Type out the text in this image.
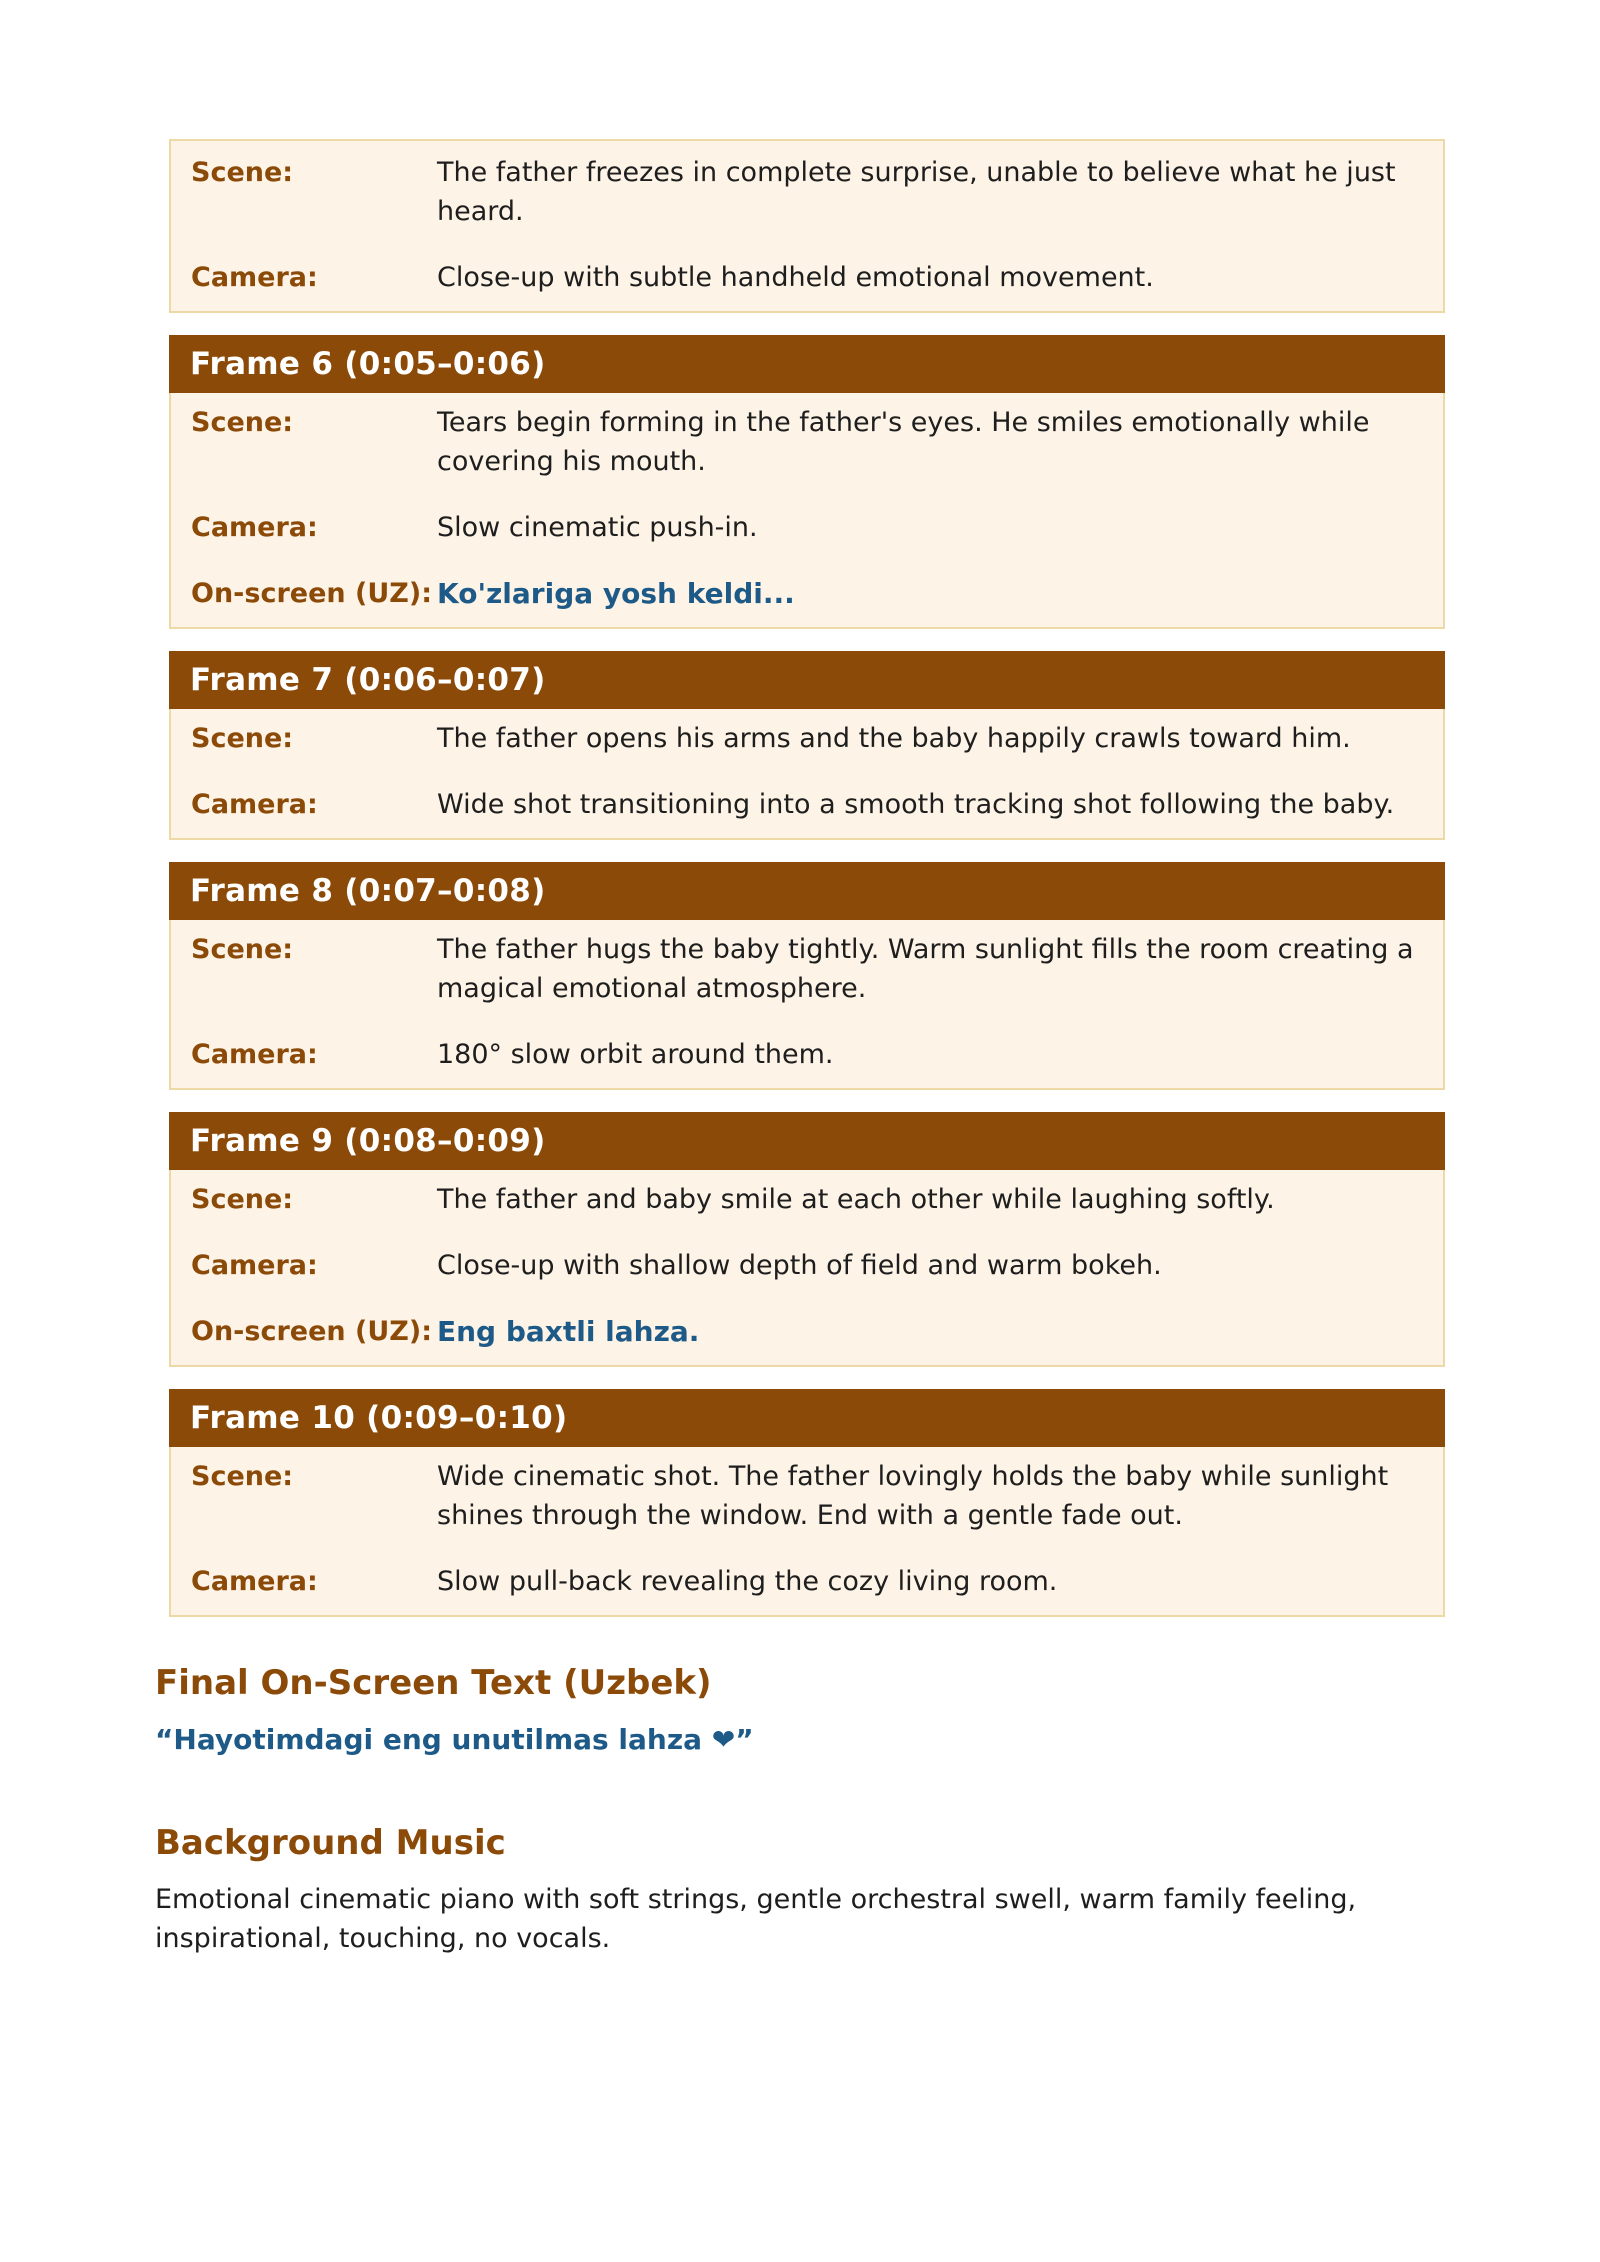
Scene:	The father freezes in complete surprise, unable to believe what he just heard.
Camera:	Close-up with subtle handheld emotional movement.
Frame 6 (0:05–0:06)
Scene:	Tears begin forming in the father's eyes. He smiles emotionally while covering his mouth.
Camera:	Slow cinematic push-in.
On-screen (UZ): Ko'zlariga yosh keldi...
Frame 7 (0:06–0:07)
Scene:	The father opens his arms and the baby happily crawls toward him.
Camera:	Wide shot transitioning into a smooth tracking shot following the baby.
Frame 8 (0:07–0:08)
Scene:	The father hugs the baby tightly. Warm sunlight fills the room creating a magical emotional atmosphere.
Camera:	180° slow orbit around them.
Frame 9 (0:08–0:09)
Scene:	The father and baby smile at each other while laughing softly.
Camera:	Close-up with shallow depth of field and warm bokeh.
On-screen (UZ): Eng baxtli lahza.
Frame 10 (0:09–0:10)
Scene:	Wide cinematic shot. The father lovingly holds the baby while sunlight shines through the window. End with a gentle fade out.
Camera:	Slow pull-back revealing the cozy living room.
Final On-Screen Text (Uzbek)
“Hayotimdagi eng unutilmas lahza ❤”
Background Music
Emotional cinematic piano with soft strings, gentle orchestral swell, warm family feeling, inspirational, touching, no vocals.
